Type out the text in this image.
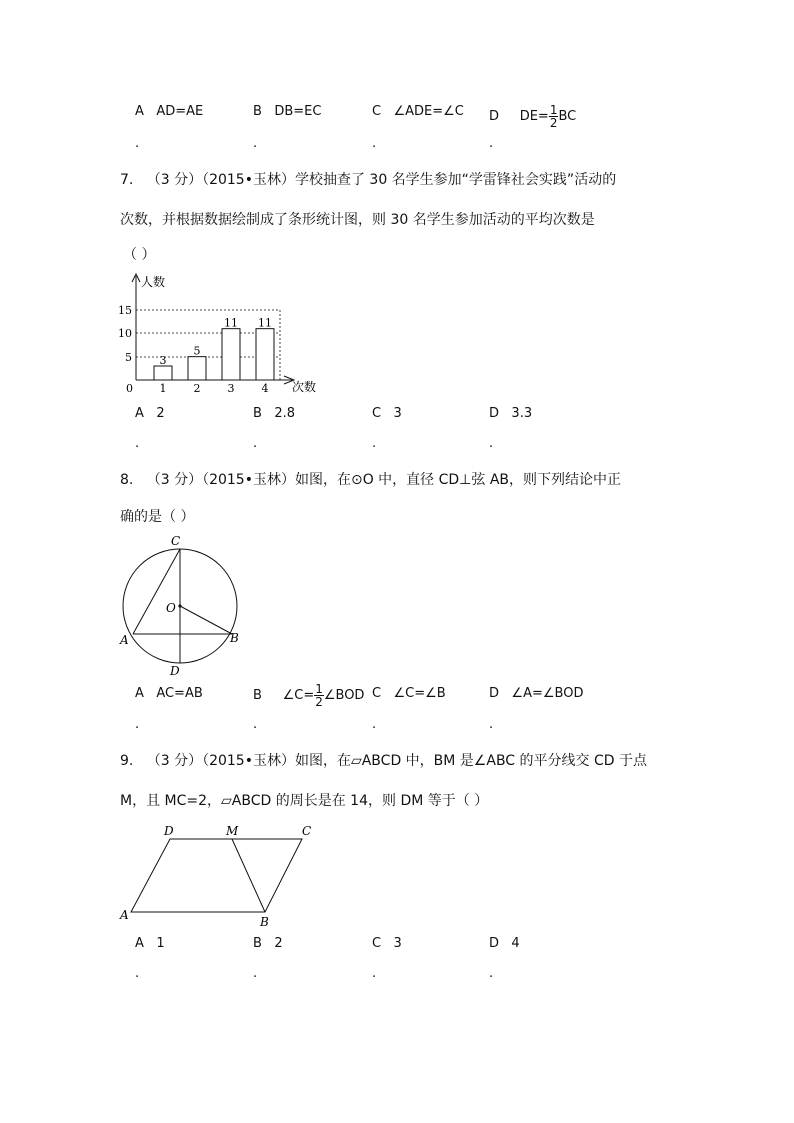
A AD=AE	B DB=EC	C ∠ADE=∠C D $DE= \frac{1}{2}$ BC
.	.	.	.
7. （3 分）（2015•玉林）学校抽查了 30 名学生参加“学雷锋社会实践”活动的
次数，并根据数据绘制成了条形统计图，则 30 名学生参加活动的平均次数是
（ ）
人数
次数
0
5
10
15
3
1
5
2
11
3
11
4
A 2	B 2.8	C 3	D 3.3
.	.	.	.
8. （3 分）（2015•玉林）如图，在⊙O 中，直径 CD⊥弦 AB，则下列结论中正
确的是（ ）
C
O
A	B
D
A AC=AB	B ∠C= $\frac{1}{2}$ ∠BOD C ∠C=∠B	D ∠A=∠BOD
.	.	.	.
9. （3 分）（2015•玉林）如图，在▱ABCD 中，BM 是∠ABC 的平分线交 CD 于点
M，且 MC=2，▱ABCD 的周长是在 14，则 DM 等于（ ）
D	M	C
A	B
A 1	B 2	C 3	D 4
.	.	.	.
